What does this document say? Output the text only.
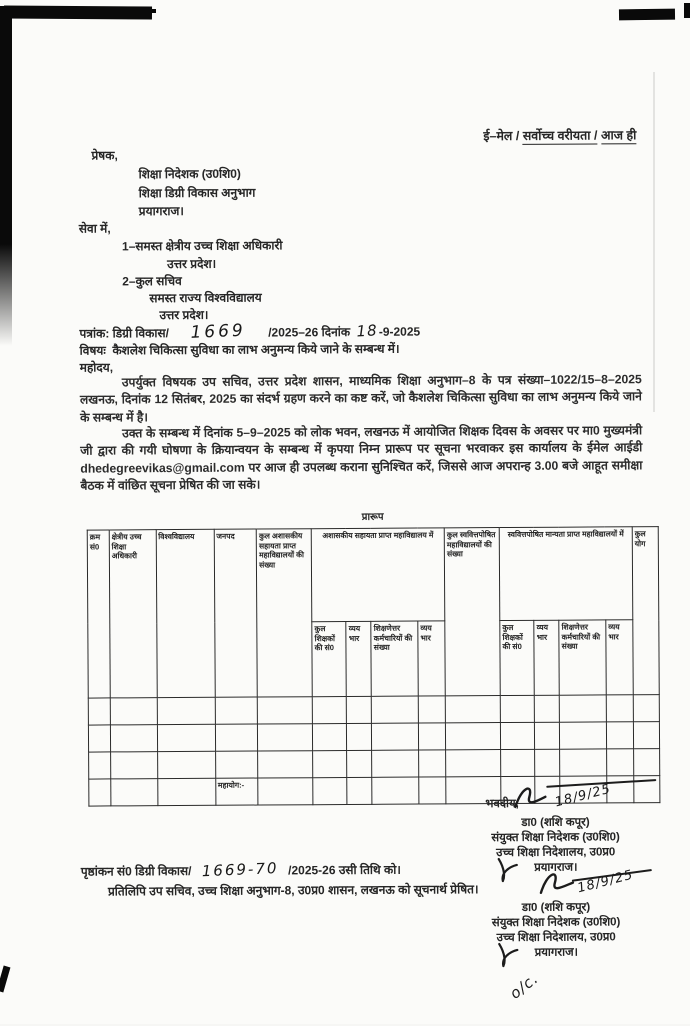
ई–मेल / सर्वोच्च वरीयता / आज ही
प्रेषक,
शिक्षा निदेशक (उ0शि0)
शिक्षा डिग्री विकास अनुभाग
प्रयागराज।
सेवा में,
1–समस्त क्षेत्रीय उच्च शिक्षा अधिकारी
उत्तर प्रदेश।
2–कुल सचिव
समस्त राज्य विश्वविद्यालय
उत्तर प्रदेश।
पत्रांक: डिग्री विकास/ 1669 /2025–26 दिनांक 18-9-2025
विषयः कैशलेश चिकित्सा सुविधा का लाभ अनुमन्य किये जाने के सम्बन्ध में।
महोदय,
उपर्युक्त विषयक उप सचिव, उत्तर प्रदेश शासन, माध्यमिक शिक्षा अनुभाग–8 के पत्र संख्या–1022/15–8–2025 लखनऊ, दिनांक 12 सितंबर, 2025 का संदर्भ ग्रहण करने का कष्ट करें, जो कैशलेश चिकित्सा सुविधा का लाभ अनुमन्य किये जाने के सम्बन्ध में है।
उक्त के सम्बन्ध में दिनांक 5–9–2025 को लोक भवन, लखनऊ में आयोजित शिक्षक दिवस के अवसर पर मा0 मुख्यमंत्री जी द्वारा की गयी घोषणा के क्रियान्वयन के सम्बन्ध में कृपया निम्न प्रारूप पर सूचना भरवाकर इस कार्यालय के ईमेल आईडी dhedegreevikas@gmail.com पर आज ही उपलब्ध कराना सुनिश्चित करें, जिससे आज अपरान्ह 3.00 बजे आहूत समीक्षा बैठक में वांछित सूचना प्रेषित की जा सके।
प्रारूप
क्रम सं0	क्षेत्रीय उच्च शिक्षा अधिकारी	विश्वविद्यालय	जनपद	कुल अशासकीय सहायता प्राप्त महाविद्यालयों की संख्या	अशासकीय सहायता प्राप्त महाविद्यालय में				कुल स्ववित्तपोषित महाविद्यालयों की संख्या	स्ववित्तपोषित मान्यता प्राप्त महाविद्यालयों में				कुल योग
					कुल शिक्षकों की सं0	व्यय भार	शिक्षणेत्तर कर्मचारियों की संख्या	व्यय भार		कुल शिक्षकों की सं0	व्यय भार	शिक्षणेत्तर कर्मचारियों की संख्या	व्यय भार	

			महायोग:-											
भवदीय,	18/9/25
डा0 (शशि कपूर)
संयुक्त शिक्षा निदेशक (उ0शि0)
उच्च शिक्षा निदेशालय, उ0प्र0
प्रयागराज।
पृष्ठांकन सं0 डिग्री विकास/ 1669-70 /2025-26 उसी तिथि को।
प्रतिलिपि उप सचिव, उच्च शिक्षा अनुभाग-8, उ0प्र0 शासन, लखनऊ को सूचनार्थ प्रेषित।	18/9/25
डा0 (शशि कपूर)
संयुक्त शिक्षा निदेशक (उ0शि0)
उच्च शिक्षा निदेशालय, उ0प्र0
प्रयागराज।
o/c.
